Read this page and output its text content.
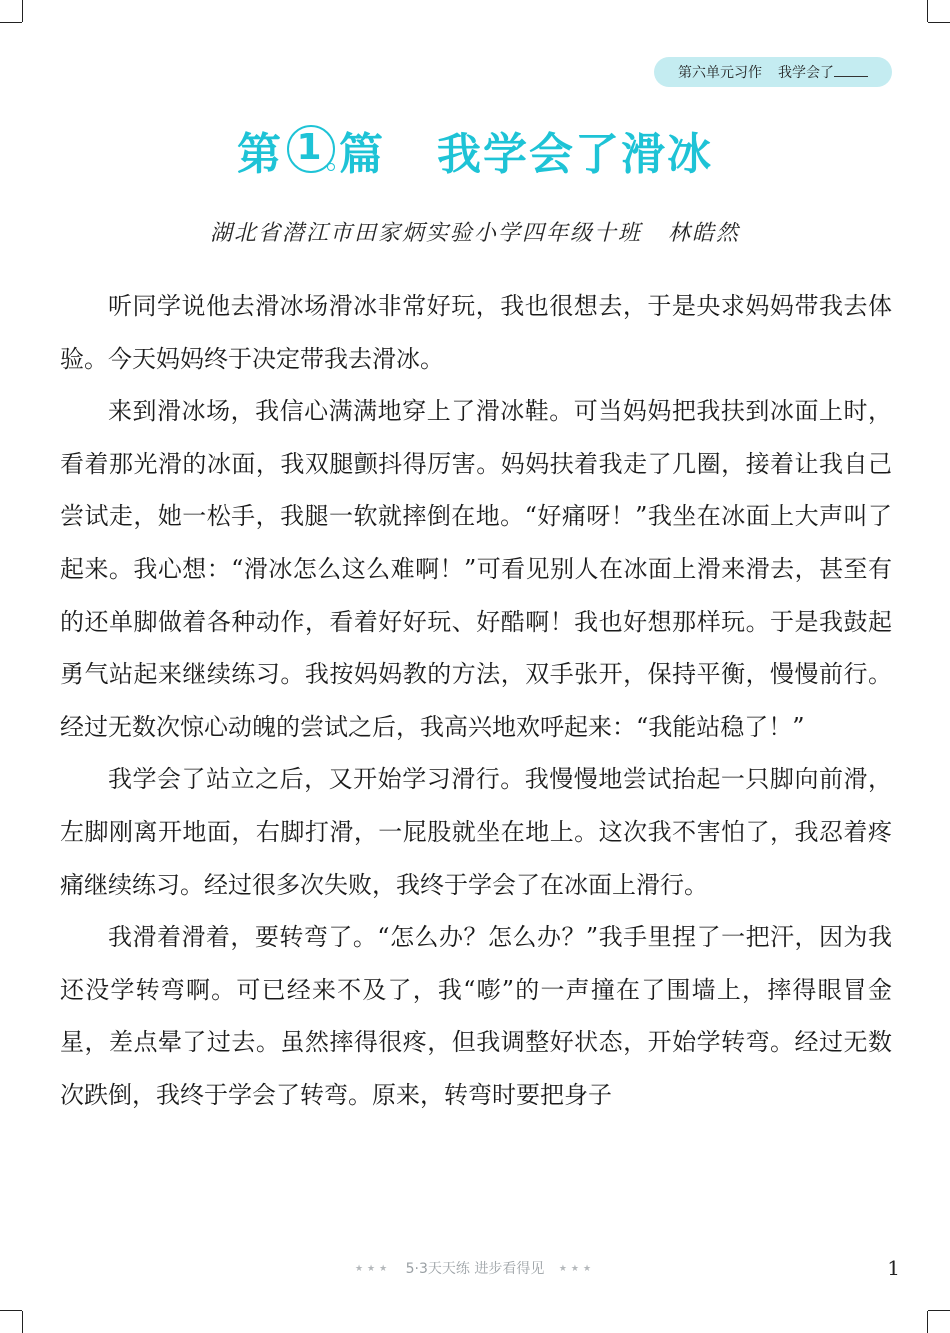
第六单元习作 我学会了
第 1 篇 我学会了滑冰
湖北省潜江市田家炳实验小学四年级十班 林皓然

听同学说他去滑冰场滑冰非常好玩，我也很想去，于是央求妈妈带我去体验。今天妈妈终于决定带我去滑冰。

来到滑冰场，我信心满满地穿上了滑冰鞋。可当妈妈把我扶到冰面上时，看着那光滑的冰面，我双腿颤抖得厉害。妈妈扶着我走了几圈，接着让我自己尝试走，她一松手，我腿一软就摔倒在地。“好痛呀！”我坐在冰面上大声叫了起来。我心想：“滑冰怎么这么难啊！”可看见别人在冰面上滑来滑去，甚至有的还单脚做着各种动作，看着好好玩、好酷啊！我也好想那样玩。于是我鼓起勇气站起来继续练习。我按妈妈教的方法，双手张开，保持平衡，慢慢前行。经过无数次惊心动魄的尝试之后，我高兴地欢呼起来：“我能站稳了！”

我学会了站立之后，又开始学习滑行。我慢慢地尝试抬起一只脚向前滑，左脚刚离开地面，右脚打滑，一屁股就坐在地上。这次我不害怕了，我忍着疼痛继续练习。经过很多次失败，我终于学会了在冰面上滑行。

我滑着滑着，要转弯了。“怎么办？怎么办？”我手里捏了一把汗，因为我还没学转弯啊。可已经来不及了，我“嘭”的一声撞在了围墙上，摔得眼冒金星，差点晕了过去。虽然摔得很疼，但我调整好状态，开始学转弯。经过无数次跌倒，我终于学会了转弯。原来，转弯时要把身子

★★★ 5·3天天练 进步看得见 ★★★	1
